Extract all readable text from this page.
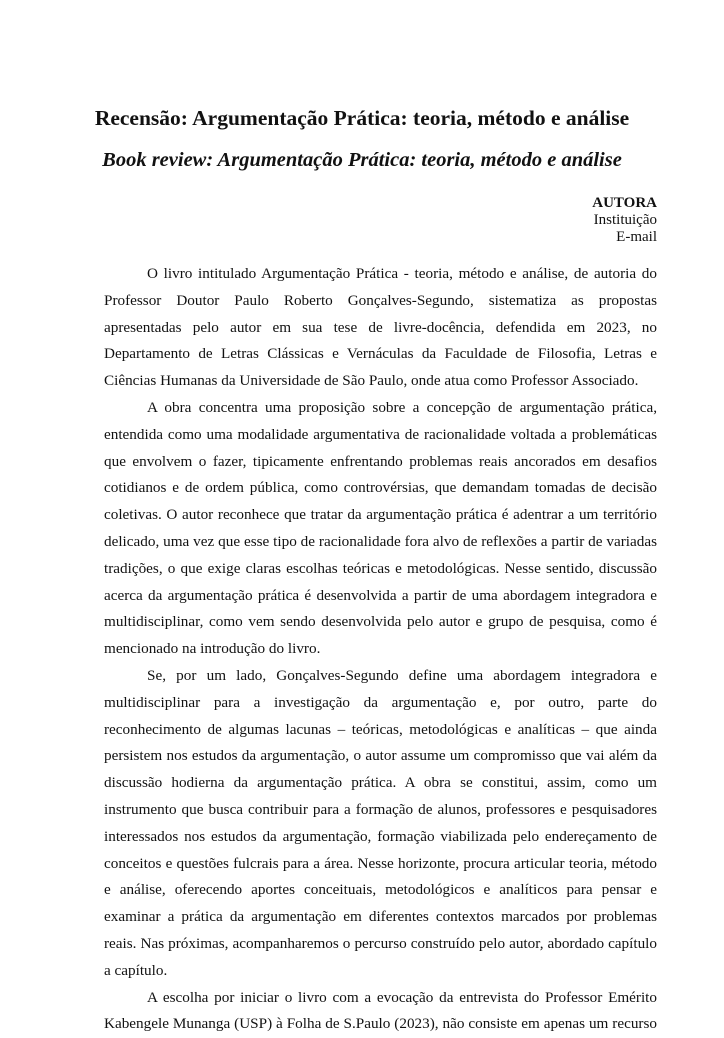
Recensão: Argumentação Prática: teoria, método e análise
Book review: Argumentação Prática: teoria, método e análise
AUTORA
Instituição
E-mail

O livro intitulado Argumentação Prática - teoria, método e análise, de autoria do Professor Doutor Paulo Roberto Gonçalves-Segundo, sistematiza as propostas apresentadas pelo autor em sua tese de livre-docência, defendida em 2023, no Departamento de Letras Clássicas e Vernáculas da Faculdade de Filosofia, Letras e Ciências Humanas da Universidade de São Paulo, onde atua como Professor Associado.

A obra concentra uma proposição sobre a concepção de argumentação prática, entendida como uma modalidade argumentativa de racionalidade voltada a problemáticas que envolvem o fazer, tipicamente enfrentando problemas reais ancorados em desafios cotidianos e de ordem pública, como controvérsias, que demandam tomadas de decisão coletivas. O autor reconhece que tratar da argumentação prática é adentrar a um território delicado, uma vez que esse tipo de racionalidade fora alvo de reflexões a partir de variadas tradições, o que exige claras escolhas teóricas e metodológicas. Nesse sentido, discussão acerca da argumentação prática é desenvolvida a partir de uma abordagem integradora e multidisciplinar, como vem sendo desenvolvida pelo autor e grupo de pesquisa, como é mencionado na introdução do livro.

Se, por um lado, Gonçalves-Segundo define uma abordagem integradora e multidisciplinar para a investigação da argumentação e, por outro, parte do reconhecimento de algumas lacunas – teóricas, metodológicas e analíticas – que ainda persistem nos estudos da argumentação, o autor assume um compromisso que vai além da discussão hodierna da argumentação prática. A obra se constitui, assim, como um instrumento que busca contribuir para a formação de alunos, professores e pesquisadores interessados nos estudos da argumentação, formação viabilizada pelo endereçamento de conceitos e questões fulcrais para a área. Nesse horizonte, procura articular teoria, método e análise, oferecendo aportes conceituais, metodológicos e analíticos para pensar e examinar a prática da argumentação em diferentes contextos marcados por problemas reais. Nas próximas, acompanharemos o percurso construído pelo autor, abordado capítulo a capítulo.

A escolha por iniciar o livro com a evocação da entrevista do Professor Emérito Kabengele Munanga (USP) à Folha de S.Paulo (2023), não consiste em apenas um recurso
